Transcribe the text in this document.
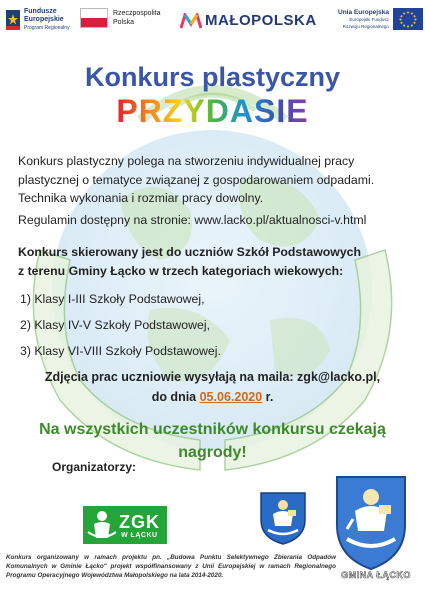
Fundusze
Europejskie
Program Regionalny
Rzeczpospolita
Polska	MAŁOPOLSKA	Unia Europejska
Europejski Fundusz
Rozwoju Regionalnego
Konkurs plastyczny
PRZYDASIE
Konkurs plastyczny polega na stworzeniu indywidualnej pracy
plastycznej o tematyce związanej z gospodarowaniem odpadami.
Technika wykonania i rozmiar pracy dowolny.
Regulamin dostępny na stronie: www.lacko.pl/aktualnosci-v.html
Konkurs skierowany jest do uczniów Szkół Podstawowych
z terenu Gminy Łącko w trzech kategoriach wiekowych:
1) Klasy I-III Szkoły Podstawowej,
2) Klasy IV-V Szkoły Podstawowej,
3) Klasy VI-VIII Szkoły Podstawowej.
Zdjęcia prac uczniowie wysyłają na maila: zgk@lacko.pl,
do dnia 05.06.2020 r.
Na wszystkich uczestników konkursu czekają
nagrody!
Organizatorzy:
ZGK
W ŁĄCKU
GMINA ŁĄCKO
Konkurs organizowany w ramach projektu pn. „Budowa Punktu Selektywnego Zbierania Odpadów Komunalnych w Gminie Łącko" projekt współfinansowany z Unii Europejskiej w ramach Regionalnego Programu Operacyjnego Województwa Małopolskiego na lata 2014-2020.
